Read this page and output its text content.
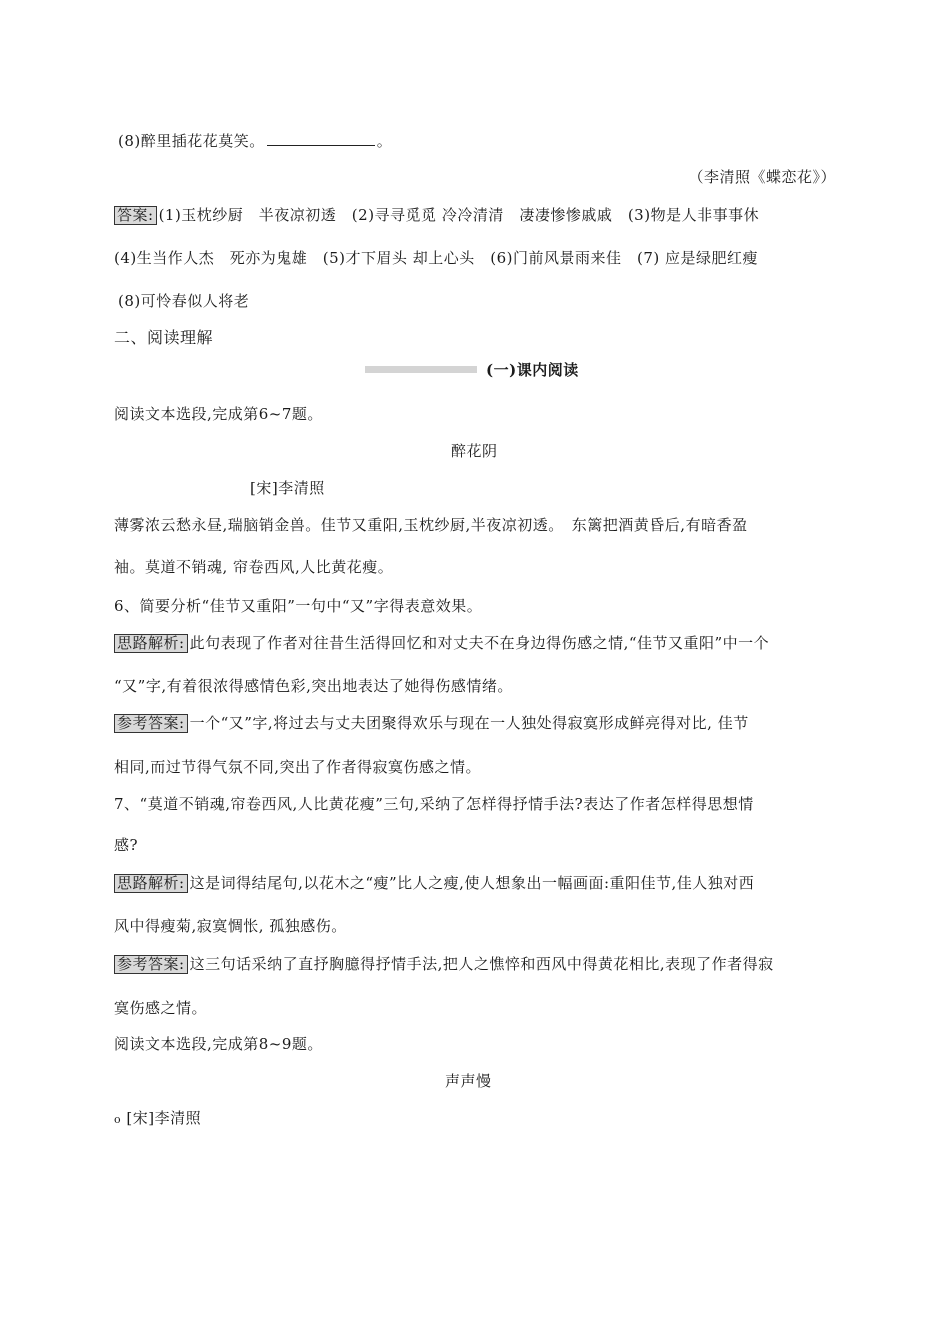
(8)醉里插花花莫笑。	。
（李清照《蝶恋花》）
答案: (1)玉枕纱厨　半夜凉初透　(2)寻寻觅觅 冷冷清清　凄凄惨惨戚戚　(3)物是人非事事休
(4)生当作人杰　死亦为鬼雄　(5)才下眉头 却上心头　(6)门前风景雨来佳　(7) 应是绿肥红瘦
(8)可怜春似人将老
二、阅读理解
(一)课内阅读
阅读文本选段,完成第6~7题。
醉花阴
[宋]李清照
薄雾浓云愁永昼,瑞脑销金兽。佳节又重阳,玉枕纱厨,半夜凉初透。　东篱把酒黄昏后,有暗香盈
袖。莫道不销魂, 帘卷西风,人比黄花瘦。
6、简要分析“佳节又重阳”一句中“又”字得表意效果。
思路解析: 此句表现了作者对往昔生活得回忆和对丈夫不在身边得伤感之情,“佳节又重阳”中一个
“又”字,有着很浓得感情色彩,突出地表达了她得伤感情绪。
参考答案: 一个“又”字,将过去与丈夫团聚得欢乐与现在一人独处得寂寞形成鲜亮得对比, 佳节
相同,而过节得气氛不同,突出了作者得寂寞伤感之情。
7、“莫道不销魂,帘卷西风,人比黄花瘦”三句,采纳了怎样得抒情手法?表达了作者怎样得思想情
感?
思路解析: 这是词得结尾句,以花木之“瘦”比人之瘦,使人想象出一幅画面:重阳佳节,佳人独对西
风中得瘦菊,寂寞惆怅, 孤独感伤。
参考答案: 这三句话采纳了直抒胸臆得抒情手法,把人之憔悴和西风中得黄花相比,表现了作者得寂
寞伤感之情。
阅读文本选段,完成第8~9题。
声声慢
o [宋]李清照
